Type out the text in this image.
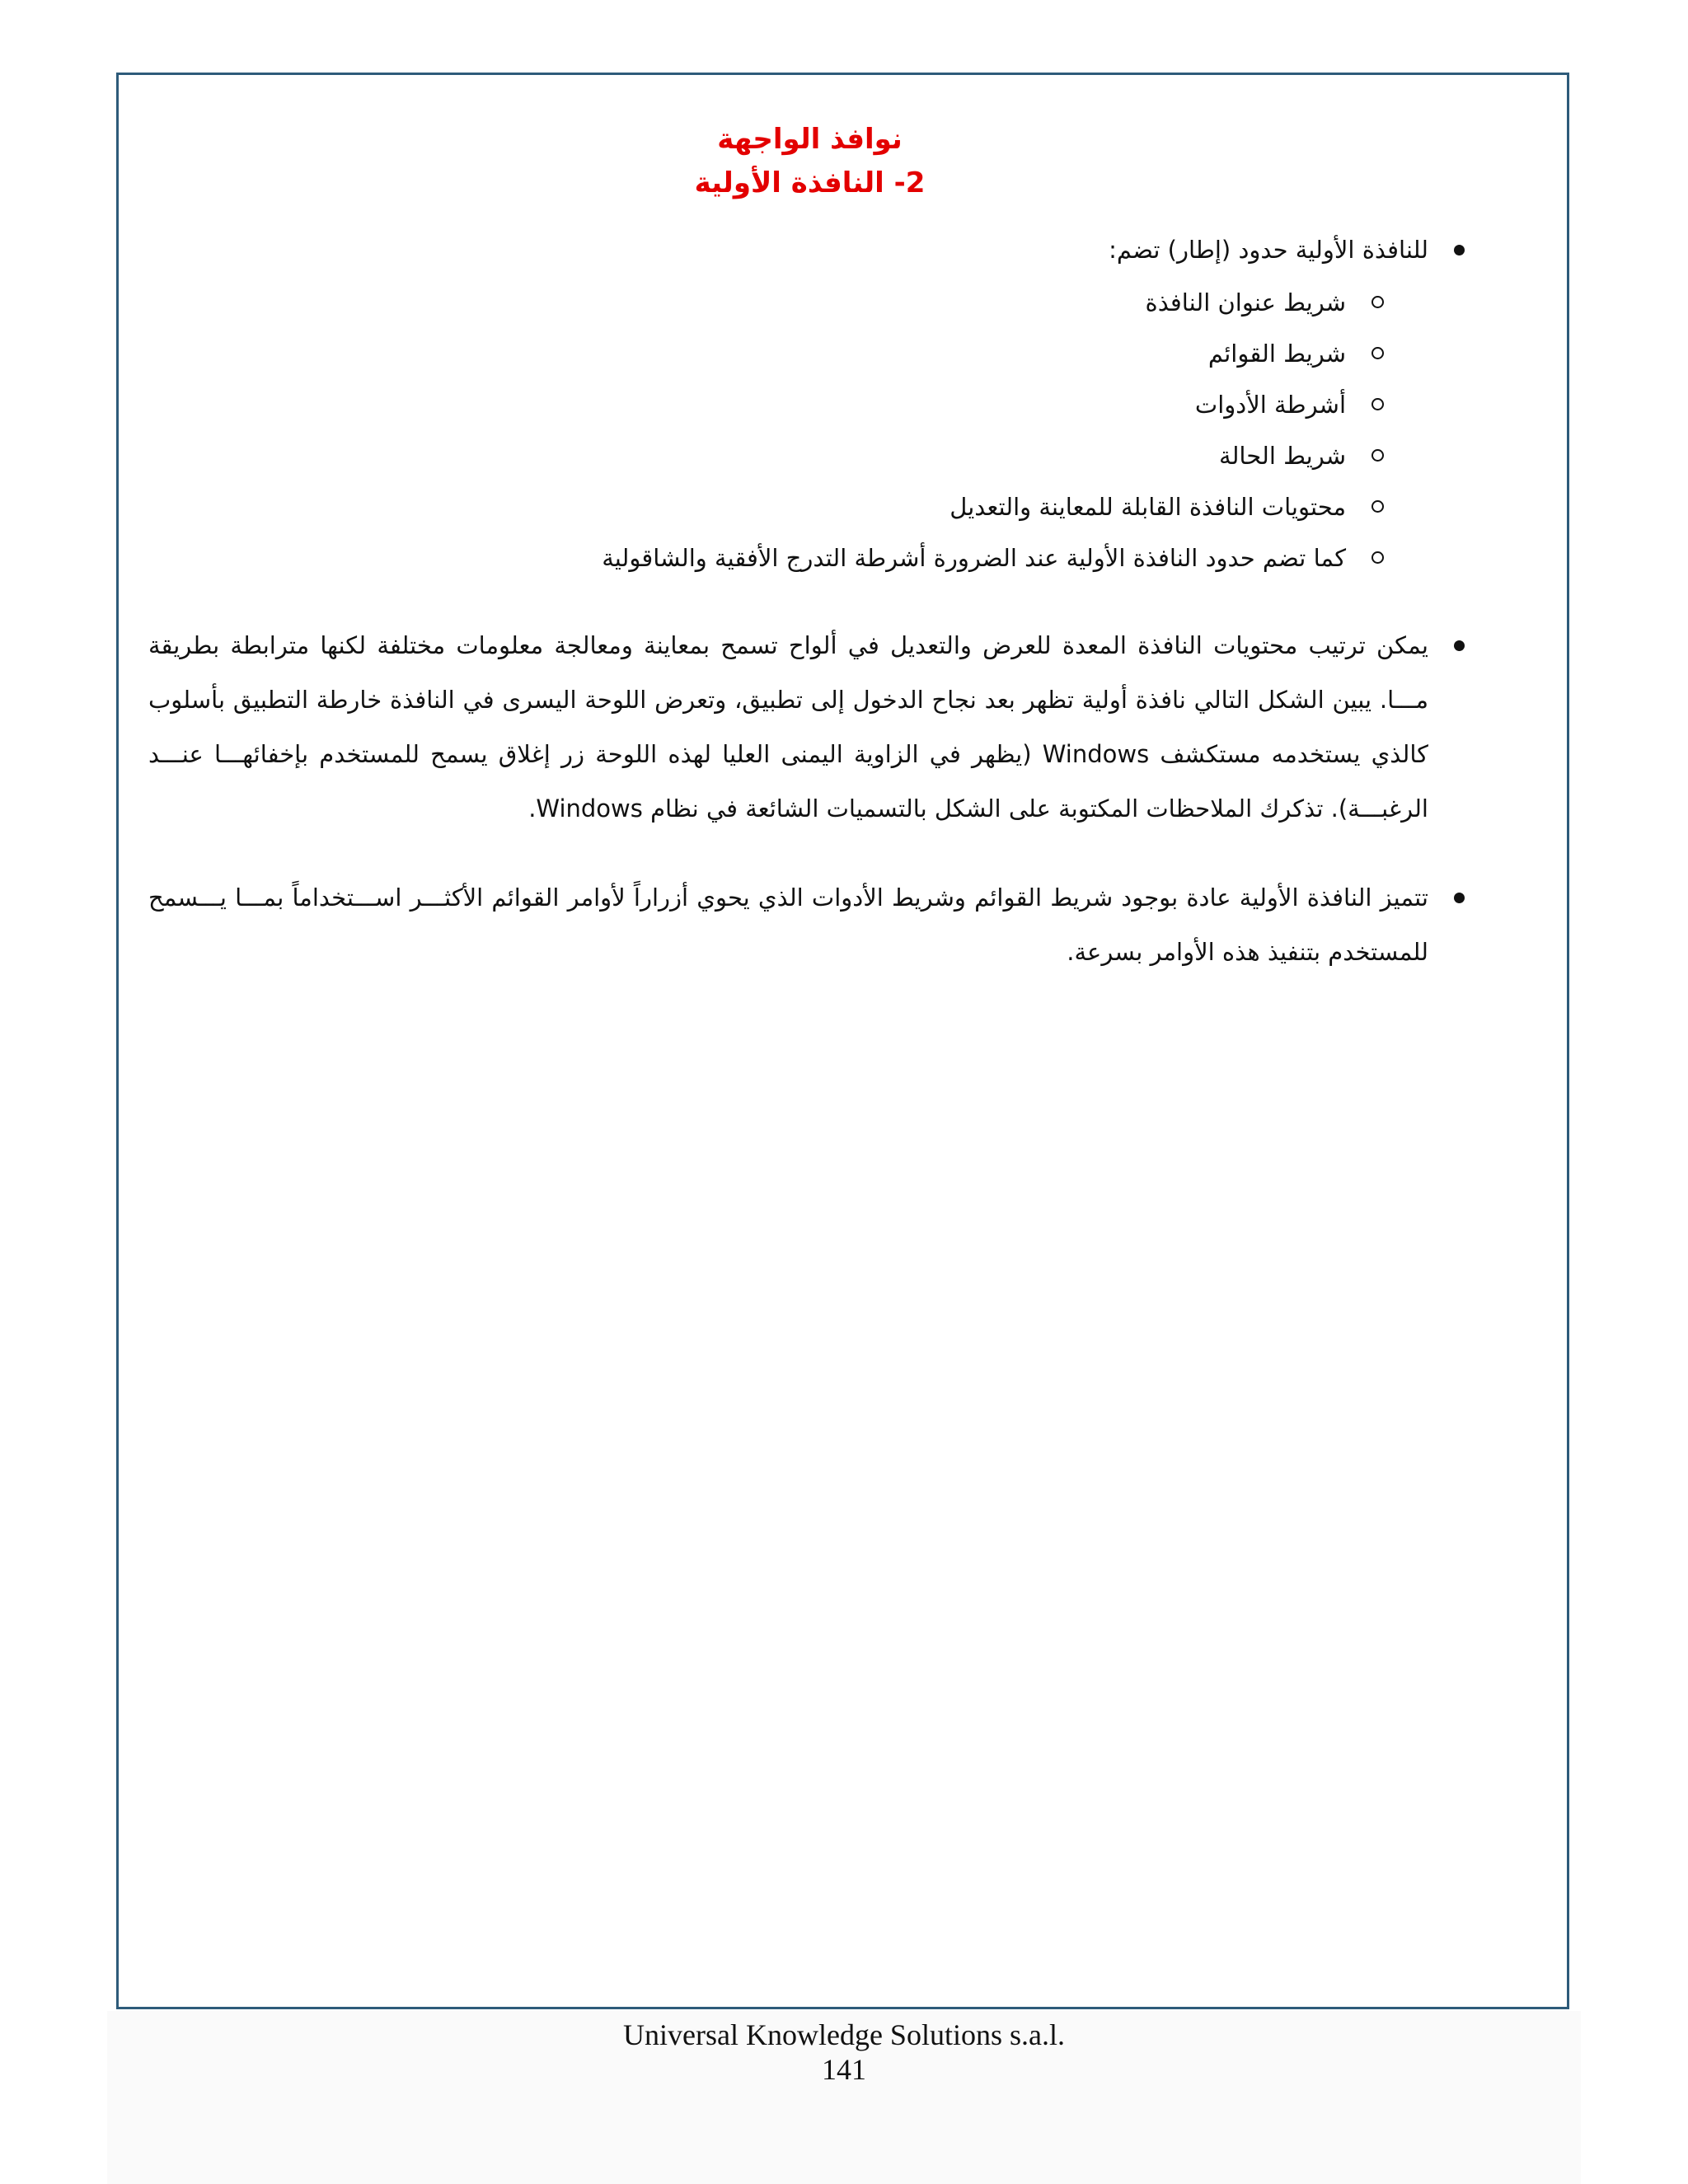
نوافذ الواجهة
2- النافذة الأولية
للنافذة الأولية حدود (إطار) تضم:
شريط عنوان النافذة
شريط القوائم
أشرطة الأدوات
شريط الحالة
محتويات النافذة القابلة للمعاينة والتعديل
كما تضم حدود النافذة الأولية عند الضرورة أشرطة التدرج الأفقية والشاقولية
يمكن ترتيب محتويات النافذة المعدة للعرض والتعديل في ألواح تسمح بمعاينة ومعالجة معلومات مختلفة لكنها مترابطة بطريقة مـــا. يبين الشكل التالي نافذة أولية تظهر بعد نجاح الدخول إلى تطبيق، وتعرض اللوحة اليسرى في النافذة خارطة التطبيق بأسلوب كالذي يستخدمه مستكشف Windows (يظهر في الزاوية اليمنى العليا لهذه اللوحة زر إغلاق يسمح للمستخدم بإخفائهـــا عنـــد الرغبـــة). تذكرك الملاحظات المكتوبة على الشكل بالتسميات الشائعة في نظام Windows.
تتميز النافذة الأولية عادة بوجود شريط القوائم وشريط الأدوات الذي يحوي أزراراً لأوامر القوائم الأكثـــر اســـتخداماً بمـــا يـــسمح للمستخدم بتنفيذ هذه الأوامر بسرعة.
Universal Knowledge Solutions s.a.l.
141
